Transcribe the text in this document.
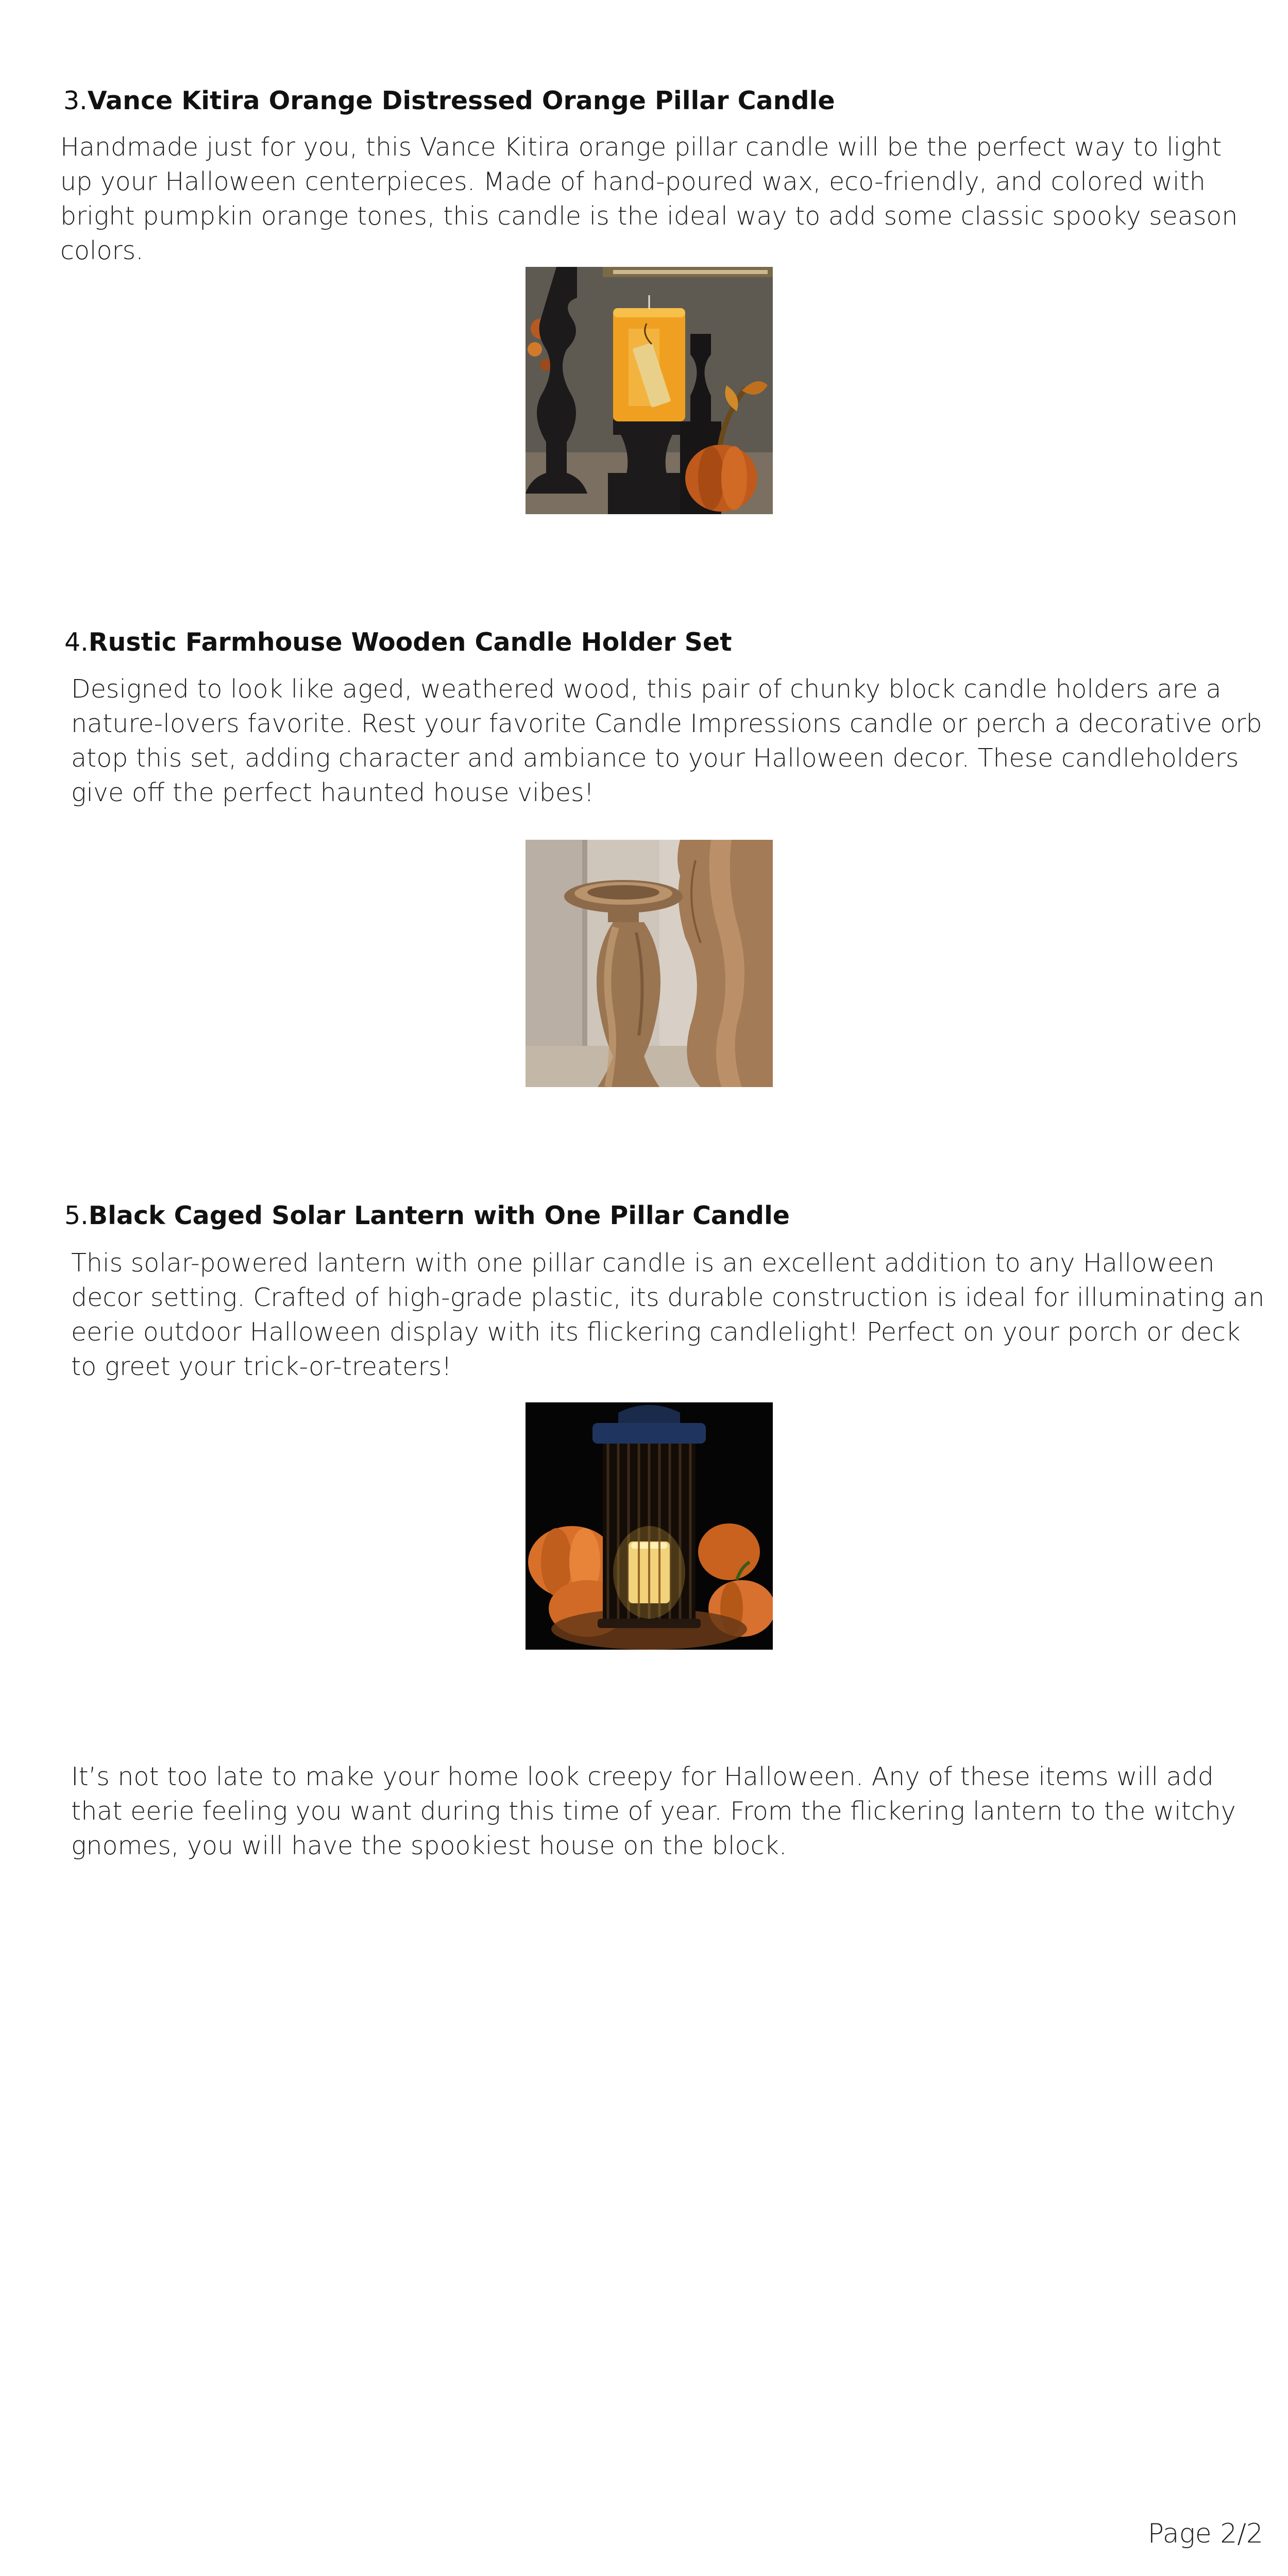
3.Vance Kitira Orange Distressed Orange Pillar Candle

Handmade just for you, this Vance Kitira orange pillar candle will be the perfect way to light up your Halloween centerpieces. Made of hand-poured wax, eco-friendly, and colored with bright pumpkin orange tones, this candle is the ideal way to add some classic spooky season colors.

4.Rustic Farmhouse Wooden Candle Holder Set

Designed to look like aged, weathered wood, this pair of chunky block candle holders are a nature-lovers favorite. Rest your favorite Candle Impressions candle or perch a decorative orb atop this set, adding character and ambiance to your Halloween decor. These candleholders give off the perfect haunted house vibes!

5.Black Caged Solar Lantern with One Pillar Candle

This solar-powered lantern with one pillar candle is an excellent addition to any Halloween decor setting. Crafted of high-grade plastic, its durable construction is ideal for illuminating an eerie outdoor Halloween display with its flickering candlelight! Perfect on your porch or deck to greet your trick-or-treaters!

It’s not too late to make your home look creepy for Halloween. Any of these items will add that eerie feeling you want during this time of year. From the flickering lantern to the witchy gnomes, you will have the spookiest house on the block.

Page 2/2
